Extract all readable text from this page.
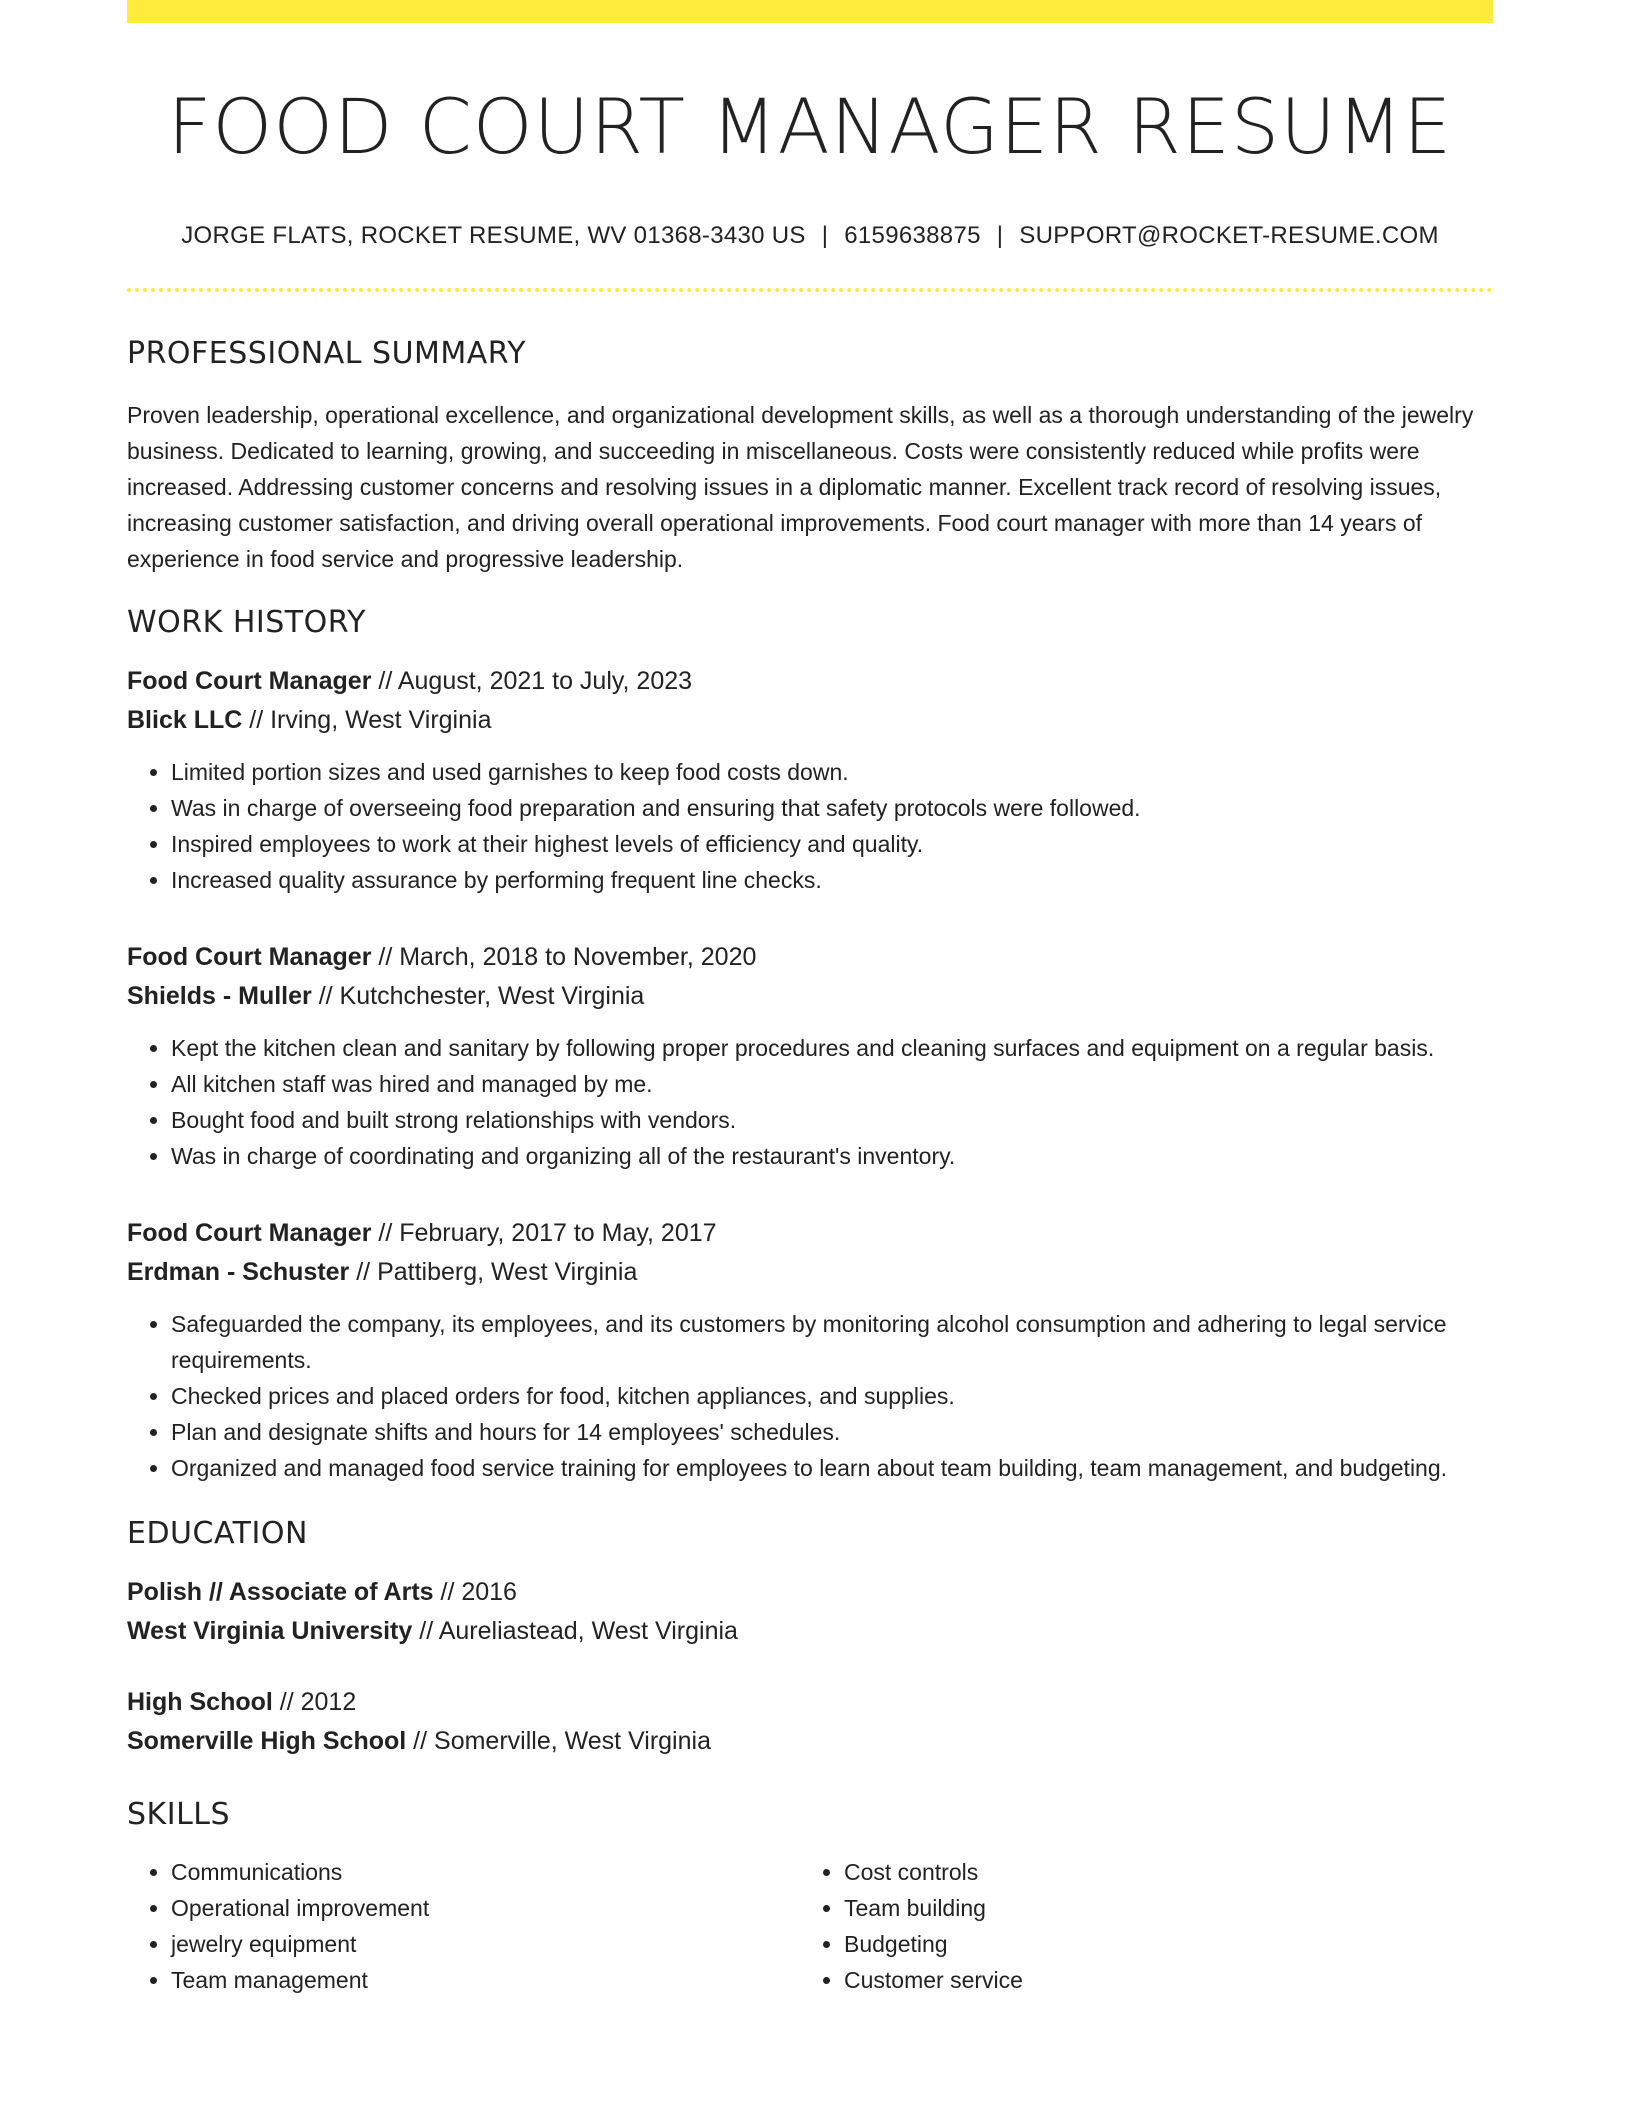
FOOD COURT MANAGER RESUME
JORGE FLATS, ROCKET RESUME, WV 01368-3430 US | 6159638875 | SUPPORT@ROCKET-RESUME.COM
PROFESSIONAL SUMMARY

Proven leadership, operational excellence, and organizational development skills, as well as a thorough understanding of the jewelry business. Dedicated to learning, growing, and succeeding in miscellaneous. Costs were consistently reduced while profits were increased. Addressing customer concerns and resolving issues in a diplomatic manner. Excellent track record of resolving issues, increasing customer satisfaction, and driving overall operational improvements. Food court manager with more than 14 years of experience in food service and progressive leadership.

WORK HISTORY
Food Court Manager // August, 2021 to July, 2023
Blick LLC // Irving, West Virginia
• Limited portion sizes and used garnishes to keep food costs down.
• Was in charge of overseeing food preparation and ensuring that safety protocols were followed.
• Inspired employees to work at their highest levels of efficiency and quality.
• Increased quality assurance by performing frequent line checks.
Food Court Manager // March, 2018 to November, 2020
Shields - Muller // Kutchchester, West Virginia
• Kept the kitchen clean and sanitary by following proper procedures and cleaning surfaces and equipment on a regular basis.
• All kitchen staff was hired and managed by me.
• Bought food and built strong relationships with vendors.
• Was in charge of coordinating and organizing all of the restaurant's inventory.
Food Court Manager // February, 2017 to May, 2017
Erdman - Schuster // Pattiberg, West Virginia
• Safeguarded the company, its employees, and its customers by monitoring alcohol consumption and adhering to legal service requirements.
• Checked prices and placed orders for food, kitchen appliances, and supplies.
• Plan and designate shifts and hours for 14 employees' schedules.
• Organized and managed food service training for employees to learn about team building, team management, and budgeting.
EDUCATION
Polish // Associate of Arts // 2016
West Virginia University // Aureliastead, West Virginia
High School // 2012
Somerville High School // Somerville, West Virginia
SKILLS
• Communications
• Operational improvement
• jewelry equipment
• Team management
• Cost controls
• Team building
• Budgeting
• Customer service
